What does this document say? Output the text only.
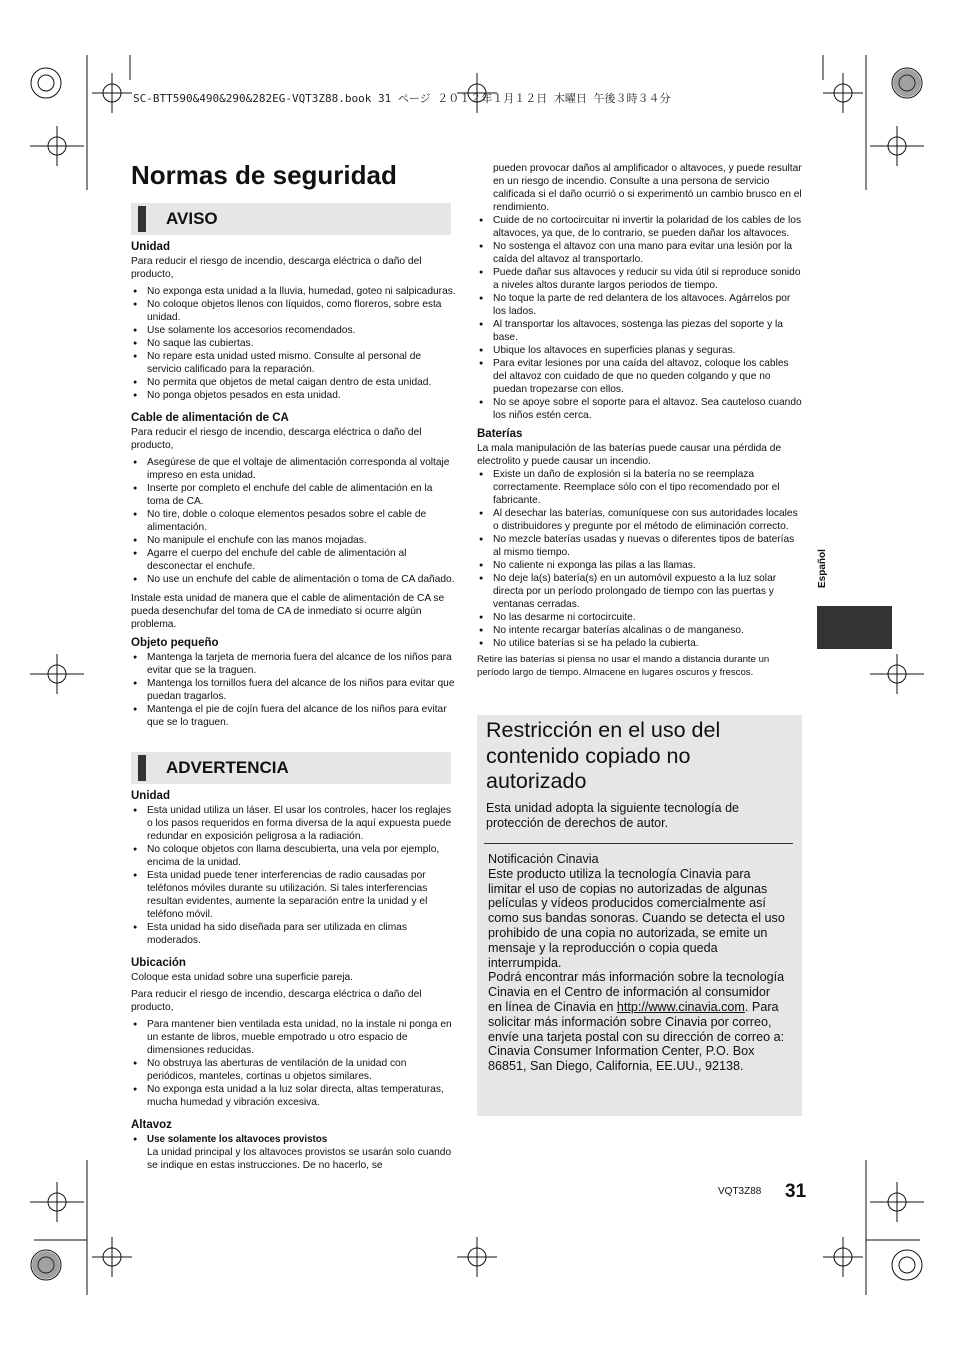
SC-BTT590&490&290&282EG-VQT3Z88.book 31 ページ ２０１２年１月１２日 木曜日 午後３時３４分
Normas de seguridad
AVISO
Unidad
Para reducir el riesgo de incendio, descarga eléctrica o daño del producto,
● No exponga esta unidad a la lluvia, humedad, goteo ni salpicaduras.
● No coloque objetos llenos con líquidos, como floreros, sobre esta unidad.
● Use solamente los accesorios recomendados.
● No saque las cubiertas.
● No repare esta unidad usted mismo. Consulte al personal de servicio calificado para la reparación.
● No permita que objetos de metal caigan dentro de esta unidad.
● No ponga objetos pesados en esta unidad.
Cable de alimentación de CA
Para reducir el riesgo de incendio, descarga eléctrica o daño del producto,
● Asegúrese de que el voltaje de alimentación corresponda al voltaje impreso en esta unidad.
● Inserte por completo el enchufe del cable de alimentación en la toma de CA.
● No tire, doble o coloque elementos pesados sobre el cable de alimentación.
● No manipule el enchufe con las manos mojadas.
● Agarre el cuerpo del enchufe del cable de alimentación al desconectar el enchufe.
● No use un enchufe del cable de alimentación o toma de CA dañado.
Instale esta unidad de manera que el cable de alimentación de CA se pueda desenchufar del toma de CA de inmediato si ocurre algún problema.
Objeto pequeño
● Mantenga la tarjeta de memoria fuera del alcance de los niños para evitar que se la traguen.
● Mantenga los tornillos fuera del alcance de los niños para evitar que puedan tragarlos.
● Mantenga el pie de cojín fuera del alcance de los niños para evitar que se lo traguen.
ADVERTENCIA
Unidad
● Esta unidad utiliza un láser. El usar los controles, hacer los reglajes o los pasos requeridos en forma diversa de la aquí expuesta puede redundar en exposición peligrosa a la radiación.
● No coloque objetos con llama descubierta, una vela por ejemplo, encima de la unidad.
● Esta unidad puede tener interferencias de radio causadas por teléfonos móviles durante su utilización. Si tales interferencias resultan evidentes, aumente la separación entre la unidad y el teléfono móvil.
● Esta unidad ha sido diseñada para ser utilizada en climas moderados.
Ubicación
Coloque esta unidad sobre una superficie pareja.
Para reducir el riesgo de incendio, descarga eléctrica o daño del producto,
● Para mantener bien ventilada esta unidad, no la instale ni ponga en un estante de libros, mueble empotrado u otro espacio de dimensiones reducidas.
● No obstruya las aberturas de ventilación de la unidad con periódicos, manteles, cortinas u objetos similares.
● No exponga esta unidad a la luz solar directa, altas temperaturas, mucha humedad y vibración excesiva.
Altavoz
● Use solamente los altavoces provistos
La unidad principal y los altavoces provistos se usarán solo cuando se indique en estas instrucciones. De no hacerlo, se
pueden provocar daños al amplificador o altavoces, y puede resultar en un riesgo de incendio. Consulte a una persona de servicio calificada si el daño ocurrió o si experimentó un cambio brusco en el rendimiento.
● Cuide de no cortocircuitar ni invertir la polaridad de los cables de los altavoces, ya que, de lo contrario, se pueden dañar los altavoces.
● No sostenga el altavoz con una mano para evitar una lesión por la caída del altavoz al transportarlo.
● Puede dañar sus altavoces y reducir su vida útil si reproduce sonido a niveles altos durante largos periodos de tiempo.
● No toque la parte de red delantera de los altavoces. Agárrelos por los lados.
● Al transportar los altavoces, sostenga las piezas del soporte y la base.
● Ubique los altavoces en superficies planas y seguras.
● Para evitar lesiones por una caída del altavoz, coloque los cables del altavoz con cuidado de que no queden colgando y que no puedan tropezarse con ellos.
● No se apoye sobre el soporte para el altavoz. Sea cauteloso cuando los niños estén cerca.
Baterías
La mala manipulación de las baterías puede causar una pérdida de electrolito y puede causar un incendio.
● Existe un daño de explosión si la batería no se reemplaza correctamente. Reemplace sólo con el tipo recomendado por el fabricante.
● Al desechar las baterías, comuníquese con sus autoridades locales o distribuidores y pregunte por el método de eliminación correcto.
● No mezcle baterías usadas y nuevas o diferentes tipos de baterías al mismo tiempo.
● No caliente ni exponga las pilas a las llamas.
● No deje la(s) batería(s) en un automóvil expuesto a la luz solar directa por un período prolongado de tiempo con las puertas y ventanas cerradas.
● No las desarme ni cortocircuite.
● No intente recargar baterías alcalinas o de manganeso.
● No utilice baterías si se ha pelado la cubierta.
Retire las baterías si piensa no usar el mando a distancia durante un período largo de tiempo. Almacene en lugares oscuros y frescos.
Restricción en el uso del contenido copiado no autorizado
Esta unidad adopta la siguiente tecnología de protección de derechos de autor.
Notificación Cinavia
Este producto utiliza la tecnología Cinavia para limitar el uso de copias no autorizadas de algunas películas y vídeos producidos comercialmente así como sus bandas sonoras. Cuando se detecta el uso prohibido de una copia no autorizada, se emite un mensaje y la reproducción o copia queda interrumpida.
Podrá encontrar más información sobre la tecnología Cinavia en el Centro de información al consumidor en línea de Cinavia en http://www.cinavia.com. Para solicitar más información sobre Cinavia por correo, envíe una tarjeta postal con su dirección de correo a: Cinavia Consumer Information Center, P.O. Box 86851, San Diego, California, EE.UU., 92138.
Español
VQT3Z88 31
